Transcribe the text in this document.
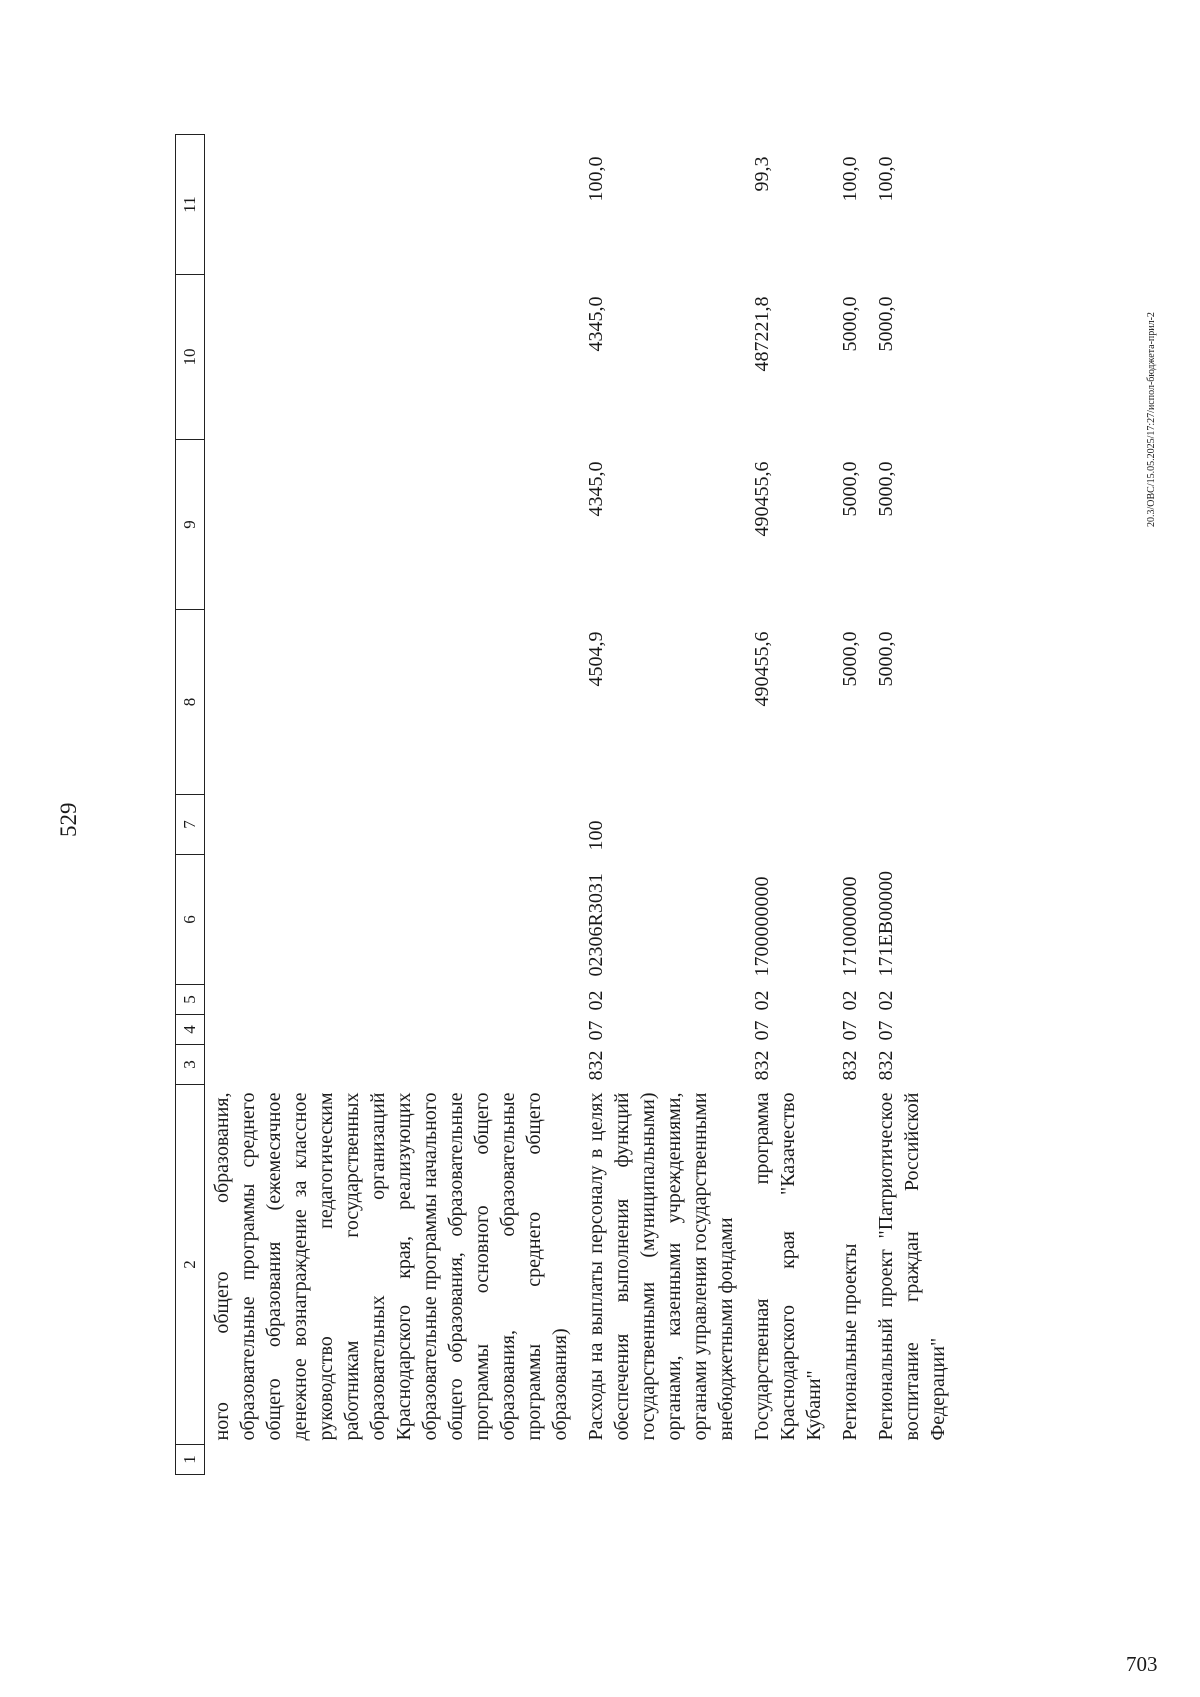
703
529
1	2	3	4	5	6	7	8	9	10	11
	ного общего образования, образовательные программы среднего общего образования (ежемесячное денежное вознаграждение за классное руководство педагогическим работникам государственных образовательных организаций Краснодарского края, реализующих образовательные программы начального общего образования, образовательные программы основного общего образования, образовательные программы среднего общего образования)									
	Расходы на выплаты персоналу в целях обеспечения выполнения функций государственными (муниципальными) органами, казенными учреждениями, органами управления государственными внебюджетными фондами	832	07	02	02306R3031	100	4504,9	4345,0	4345,0	100,0
	Государственная программа Краснодарского края "Казачество Кубани"	832	07	02	1700000000		490455,6	490455,6	487221,8	99,3
	Региональные проекты	832	07	02	1710000000		5000,0	5000,0	5000,0	100,0
	Региональный проект "Патриотическое воспитание граждан Российской Федерации"	832	07	02	171EВ00000		5000,0	5000,0	5000,0	100,0
20.3/ОВС/15.05.2025/17:27/испол-бюджета-прил-2
